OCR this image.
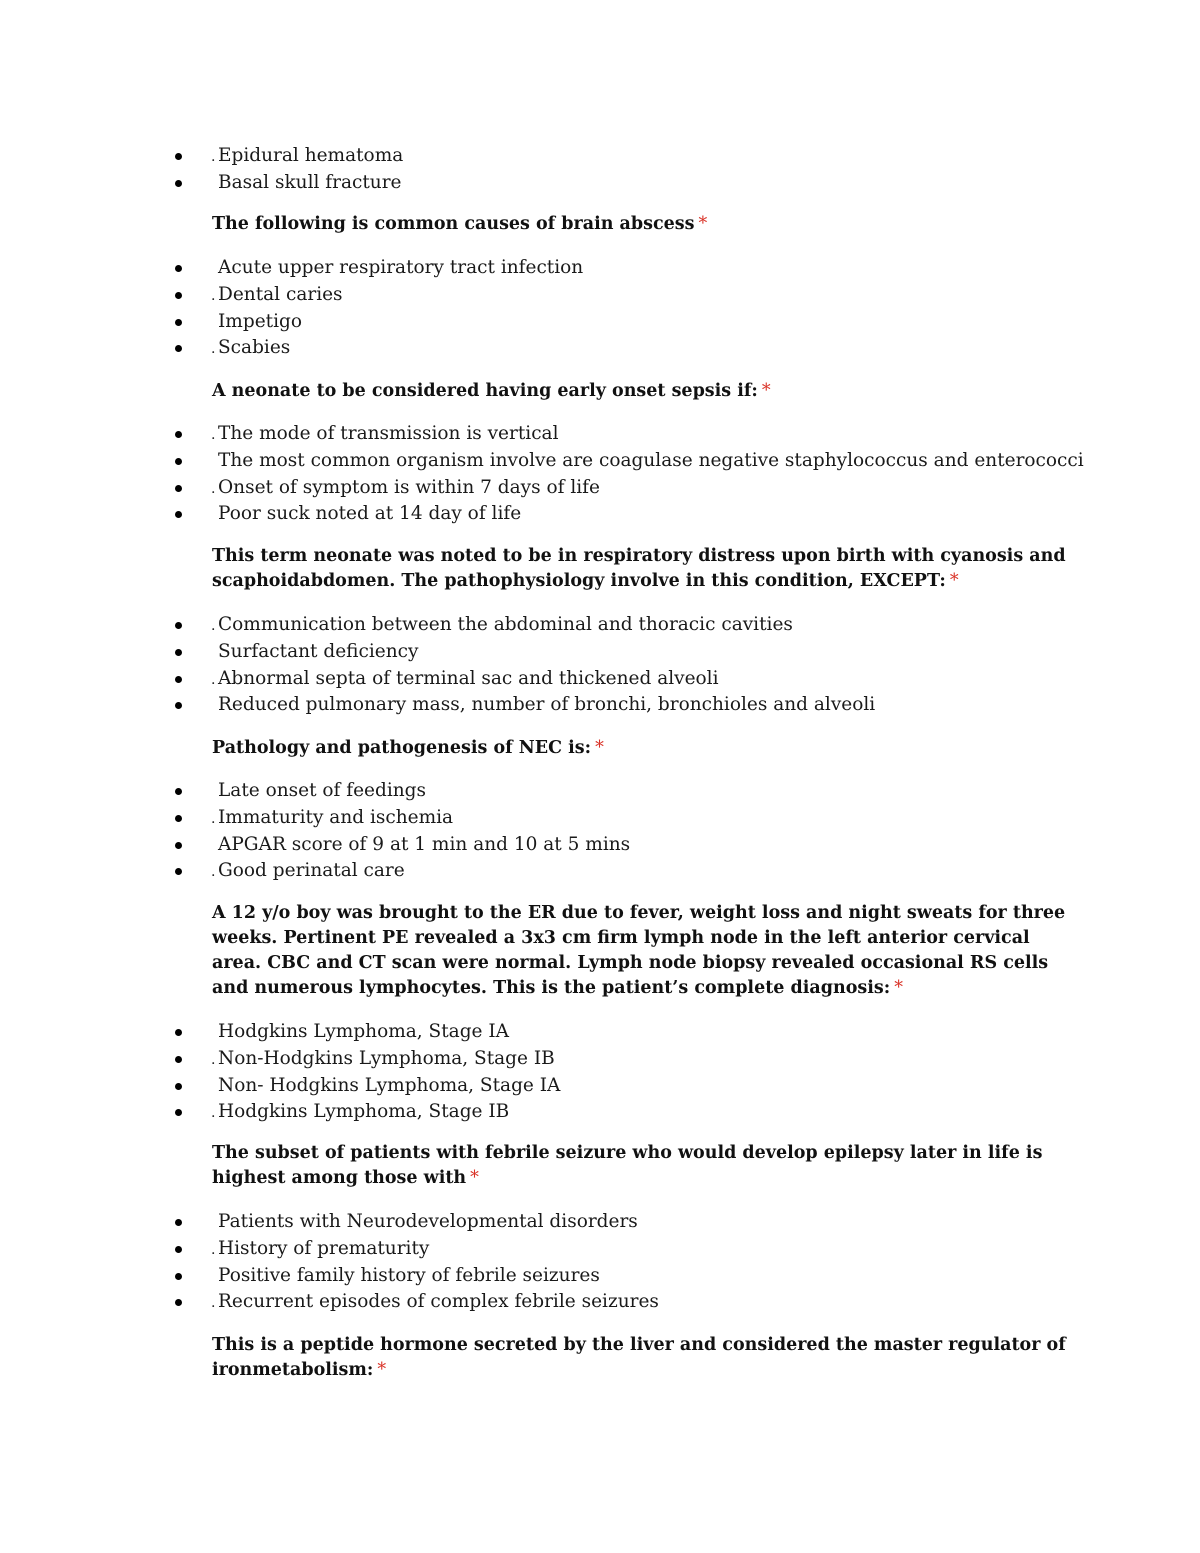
. Epidural hematoma
Basal skull fracture

The following is common causes of brain abscess *

Acute upper respiratory tract infection
. Dental caries
Impetigo
. Scabies

A neonate to be considered having early onset sepsis if: *

. The mode of transmission is vertical
The most common organism involve are coagulase negative staphylococcus and enterococci
. Onset of symptom is within 7 days of life
Poor suck noted at 14 day of life

This term neonate was noted to be in respiratory distress upon birth with cyanosis and scaphoidabdomen. The pathophysiology involve in this condition, EXCEPT: *

. Communication between the abdominal and thoracic cavities
Surfactant deficiency
. Abnormal septa of terminal sac and thickened alveoli
Reduced pulmonary mass, number of bronchi, bronchioles and alveoli

Pathology and pathogenesis of NEC is: *

Late onset of feedings
. Immaturity and ischemia
APGAR score of 9 at 1 min and 10 at 5 mins
. Good perinatal care

A 12 y/o boy was brought to the ER due to fever, weight loss and night sweats for three weeks. Pertinent PE revealed a 3x3 cm firm lymph node in the left anterior cervical area. CBC and CT scan were normal. Lymph node biopsy revealed occasional RS cells and numerous lymphocytes. This is the patient’s complete diagnosis: *

Hodgkins Lymphoma, Stage IA
. Non-Hodgkins Lymphoma, Stage IB
Non- Hodgkins Lymphoma, Stage IA
. Hodgkins Lymphoma, Stage IB

The subset of patients with febrile seizure who would develop epilepsy later in life is highest among those with *

Patients with Neurodevelopmental disorders
. History of prematurity
Positive family history of febrile seizures
. Recurrent episodes of complex febrile seizures

This is a peptide hormone secreted by the liver and considered the master regulator of ironmetabolism: *
